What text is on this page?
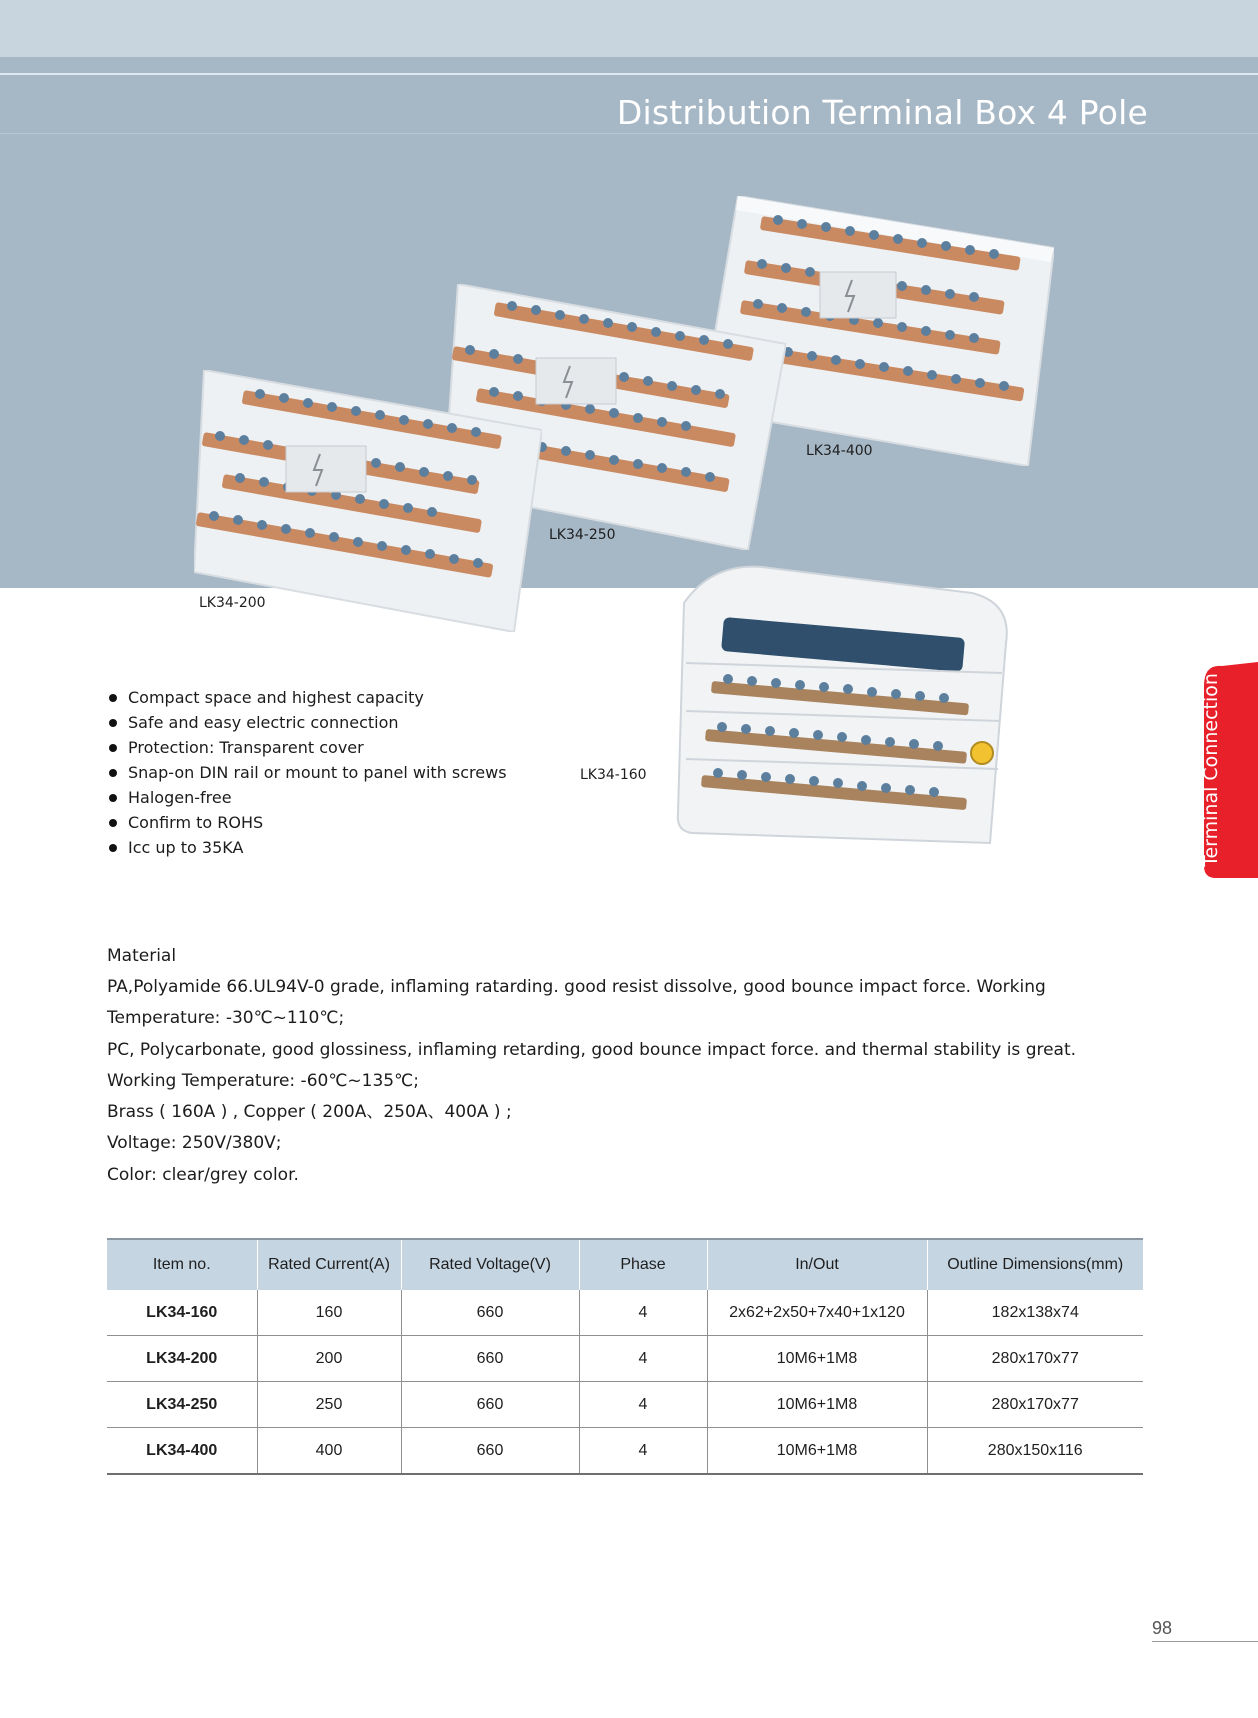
Distribution Terminal Box 4 Pole

LK34-400

LK34-250

LK34-200

LK34-160	Terminal Connection

Compact space and highest capacity
Safe and easy electric connection
Protection: Transparent cover
Snap-on DIN rail or mount to panel with screws
Halogen-free
Confirm to ROHS
Icc up to 35KA
Material

PA,Polyamide 66.UL94V-0 grade, inflaming ratarding. good resist dissolve, good bounce impact force. Working

Temperature: -30℃~110℃;

PC, Polycarbonate, good glossiness, inflaming retarding, good bounce impact force. and thermal stability is great.

Working Temperature: -60℃~135℃;

Brass ( 160A ) , Copper ( 200A、250A、400A ) ;

Voltage: 250V/380V;

Color: clear/grey color.

Item no.	Rated Current(A)	Rated Voltage(V)	Phase	In/Out	Outline Dimensions(mm)
LK34-160	160	660	4	2x62+2x50+7x40+1x120	182x138x74
LK34-200	200	660	4	10M6+1M8	280x170x77
LK34-250	250	660	4	10M6+1M8	280x170x77
LK34-400	400	660	4	10M6+1M8	280x150x116

98
